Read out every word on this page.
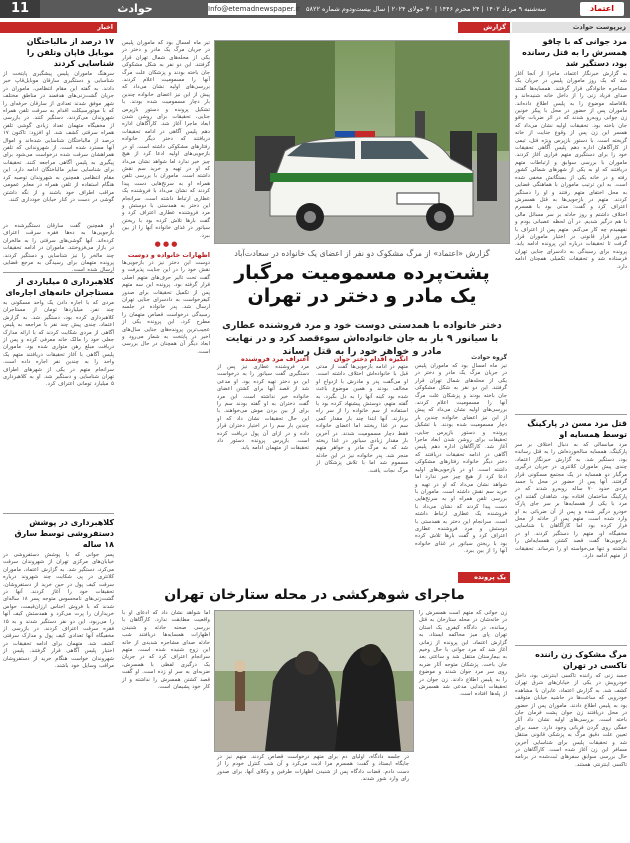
اعتماد
سه‌شنبه ۹ مرداد ۱۴۰۲ | ۲۴ محرم ۱۴۴۶ | ۳۰ جولای ۲۰۲۴ | سال بیست‌ودوم شماره ۵۸۲۲
Info@etemadnewspaper.ir
حوادث
11
زیرپوست حوادث
مرد جوانی که با چاقو همسرش را به قتل رسانده بود، دستگیر شد
به گزارش خبرنگار اعتماد، ماجرا از آنجا آغاز شد که یک روز ماموران پلیس در جریان یک مشاجره خانوادگی قرار گرفتند. همسایه‌ها گفتند صدای فریاد زنی را از داخل خانه شنیده‌اند و بلافاصله موضوع را به پلیس اطلاع داده‌اند. ماموران پس از حضور در محل با پیکر خونین زن جوانی روبه‌رو شدند که در اثر ضربات چاقو جان باخته بود. تحقیقات اولیه نشان می‌داد که همسر این زن پس از وقوع جنایت از خانه گریخته است. با دستور بازپرس ویژه قتل، تیمی از کارآگاهان اداره دهم پلیس آگاهی تحقیقات خود را برای دستگیری متهم فراری آغاز کردند. ماموران با بررسی سوابق و ارتباطات متهم دریافتند که او به یکی از شهرهای شمالی کشور رفته و در خانه یکی از بستگانش مخفی شده است. به این ترتیب ماموران با هماهنگی قضایی به محل اختفای متهم رفتند و او را دستگیر کردند. متهم در بازجویی‌ها به قتل همسرش اعتراف کرد و گفت: مدتی بود با همسرم اختلاف داشتم و روز حادثه بر سر مسائل مالی با هم درگیر شدیم. در آن لحظه عصبانی بودم و نفهمیدم چه کار می‌کنم. متهم پس از اعتراف با صدور قرار قانونی در اختیار ماموران قرار گرفت تا تحقیقات درباره این پرونده ادامه یابد. پرونده برای رسیدگی به دادسرای جنایی تهران فرستاده شد و تحقیقات تکمیلی همچنان ادامه دارد.
قتل مرد مسن در پارکینگ توسط همسایه او
مرد میانسالی که به دنبال اختلاف بر سر پارکینگ، همسایه سالخورده‌اش را به قتل رسانده بود، دستگیر شد. به گزارش خبرنگار اعتماد، چندی پیش ماموران کلانتری در جریان درگیری مرگبار دو همسایه در یک مجتمع مسکونی قرار گرفتند. آنها پس از حضور در محل با جسد مردی حدود ۷۰ ساله روبه‌رو شدند که در پارکینگ ساختمان افتاده بود. شاهدان گفتند این مرد با یکی از همسایه‌ها بر سر جای پارک خودرو درگیر شده و پس از آن ضرباتی به او وارد شده است. متهم پس از حادثه از محل فرار کرده بود اما کارآگاهان با شناسایی مخفیگاه او، متهم را دستگیر کردند. او در بازجویی‌ها گفت قصد کشتن همسایه‌اش را نداشته و تنها می‌خواسته او را بترساند. تحقیقات از متهم ادامه دارد.
مرگ مشکوک زن راننده تاکسی در تهران
جسد زنی که راننده تاکسی اینترنتی بود، داخل خودرویش در یکی از خیابان‌های شرق تهران کشف شد. به گزارش اعتماد، عابران با مشاهده خودرویی که ساعت‌ها در حاشیه خیابان متوقف بود به پلیس اطلاع دادند. ماموران پس از حضور در محل دریافتند زن جوان پشت فرمان جان باخته است. بررسی‌های اولیه نشان داد آثار خفگی روی گردن قربانی وجود دارد. جسد برای تعیین علت دقیق مرگ به پزشکی قانونی منتقل شد و تحقیقات پلیس برای شناسایی آخرین مسافر این زن آغاز شده است. کارآگاهان در حال بررسی سوابق سفرهای ثبت‌شده در برنامه تاکسی اینترنتی هستند.
گزارش
گزارش «اعتماد» از مرگ مشکوک دو نفر از اعضای یک خانواده در سعادت‌آباد
پشت‌پرده مسمومیت مرگبار
یک مادر و دختر در تهران
دختر خانواده با همدستی دوست خود و مرد فروشنده عطاری با سیانور ۹ بار به جان خانواده‌اش سوءقصد کرد و در نهایت مادر و خواهر خود را به قتل رساند
گروه حوادث
تیر ماه امسال بود که ماموران پلیس در جریان مرگ یک مادر و دختر در یکی از محله‌های شمال تهران قرار گرفتند. این دو نفر به شکل مشکوکی جان باخته بودند و پزشکان علت مرگ آنها را مسمومیت اعلام کردند. بررسی‌های اولیه نشان می‌داد که پیش از این نیز اعضای خانواده چندین بار دچار مسمومیت شده بودند. با تشکیل پرونده و دستور بازپرس جنایی، تحقیقات برای روشن شدن ابعاد ماجرا آغاز شد. کارآگاهان اداره دهم پلیس آگاهی در ادامه تحقیقات دریافتند که دختر دیگر خانواده رفتارهای مشکوکی داشته است. او در بازجویی‌های اولیه ادعا کرد از هیچ چیز خبر ندارد اما شواهد نشان می‌داد که او در تهیه و خرید سم نقش داشته است. ماموران با بررسی تلفن همراه او به سرنخ‌هایی دست پیدا کردند که نشان می‌داد با فروشنده یک عطاری ارتباط داشته است. سرانجام این دختر به همدستی با دوستش و مرد فروشنده عطاری اعتراف کرد و گفت بارها تلاش کرده بود با ریختن سیانور در غذای خانواده آنها را از بین ببرد.
انگیزه اقدام دختر جوان
متهم در ادامه بازجویی‌ها گفت از مدتی قبل با خانواده‌اش اختلاف داشته است. او می‌گفت پدر و مادرش با ازدواج او مخالف بودند و همین موضوع باعث شده بود کینه آنها را به دل بگیرد. به گفته متهم، دوستش پیشنهاد کرده بود با استفاده از سم خانواده را از سر راه بردارند. آنها ابتدا چند بار مقدار کمی سم در غذا ریختند اما اعضای خانواده فقط دچار مسمومیت شدند. در آخرین بار مقدار زیادی سیانور در غذا ریخته شد که به مرگ مادر و خواهر متهم منجر شد. پدر خانواده نیز در این حادثه مسموم شد اما با تلاش پزشکان از مرگ نجات یافت.
اعتراف مرد فروشنده
مرد فروشنده عطاری نیز پس از دستگیری گفت سیانور را به درخواست این دو دختر تهیه کرده بود. او مدعی شد از قصد آنها برای کشتن اعضای خانواده خبر نداشته است. این مرد گفت دختران به او گفته بودند سم را برای از بین بردن موش می‌خواهند. با این حال تحقیقات نشان داد که او چندین بار سم را در اختیار دختران قرار داده و در ازای آن پول دریافت کرده است. بازپرس پرونده دستور داد تحقیقات از متهمان ادامه یابد.
تیر ماه امسال بود که ماموران پلیس در جریان مرگ یک مادر و دختر در یکی از محله‌های شمال تهران قرار گرفتند. این دو نفر به شکل مشکوکی جان باخته بودند و پزشکان علت مرگ آنها را مسمومیت اعلام کردند. بررسی‌های اولیه نشان می‌داد که پیش از این نیز اعضای خانواده چندین بار دچار مسمومیت شده بودند. با تشکیل پرونده و دستور بازپرس جنایی، تحقیقات برای روشن شدن ابعاد ماجرا آغاز شد. کارآگاهان اداره دهم پلیس آگاهی در ادامه تحقیقات دریافتند که دختر دیگر خانواده رفتارهای مشکوکی داشته است. او در بازجویی‌های اولیه ادعا کرد از هیچ چیز خبر ندارد اما شواهد نشان می‌داد که او در تهیه و خرید سم نقش داشته است. ماموران با بررسی تلفن همراه او به سرنخ‌هایی دست پیدا کردند که نشان می‌داد با فروشنده یک عطاری ارتباط داشته است. سرانجام این دختر به همدستی با دوستش و مرد فروشنده عطاری اعتراف کرد و گفت بارها تلاش کرده بود با ریختن سیانور در غذای خانواده آنها را از بین ببرد.
● ● ●
اظهارات خانواده و دوست
دوست این دختر نیز در بازجویی‌ها نقش خود را در این جنایت پذیرفت و گفت تحت تاثیر حرف‌های متهم اصلی قرار گرفته بود. پرونده این سه متهم پس از تکمیل تحقیقات برای صدور کیفرخواست به دادسرای جنایی تهران ارسال شد. پدر خانواده در جلسه رسیدگی درخواست قصاص متهمان را مطرح کرد. این پرونده یکی از عجیب‌ترین پرونده‌های جنایی سال‌های اخیر در پایتخت به شمار می‌رود و ابعاد دیگر آن همچنان در حال بررسی است.
یک پرونده
ماجرای شوهرکشی در محله ستارخان تهران
زن جوانی که متهم است همسرش را در خانه‌شان در محله ستارخان به قتل رسانده، در دادگاه کیفری یک استان تهران پای میز محاکمه ایستاد. به گزارش اعتماد، این پرونده از زمانی آغاز شد که مرد جوانی با حال وخیم به بیمارستان منتقل شد و ساعتی بعد جان باخت. پزشکان متوجه آثار ضربه روی سر مرد جوان شدند و موضوع را به پلیس اطلاع دادند. زن جوان در تحقیقات ابتدایی مدعی شد همسرش از پله‌ها افتاده است.
اما شواهد نشان داد که ادعای او با واقعیت مطابقت ندارد. کارآگاهان با بررسی صحنه حادثه و شنیدن اظهارات همسایه‌ها دریافتند شب حادثه صدای مشاجره شدیدی از خانه این زوج شنیده شده است. متهم سرانجام اعتراف کرد که در جریان یک درگیری لفظی با همسرش، ضربه‌ای به سر او زده است. او گفت قصد کشتن همسرش را نداشته و از کار خود پشیمان است.
در جلسه دادگاه، اولیای دم برای متهم درخواست قصاص کردند. متهم نیز در جایگاه ایستاد و گفت: همسرم مرا اذیت می‌کرد و آن شب کنترل خودم را از دست دادم. قضات دادگاه پس از شنیدن اظهارات طرفین و وکلای آنها، برای صدور رای وارد شور شدند.
اخبار
۱۷ درصد از مالباختگان موبایل قاپان وتلفن را شناسایی کردند
سرهنگ ماموران پلیس پیشگیری پایتخت از شناسایی و دستگیری سارقان موبایل‌قاپ خبر دادند. به گفته این مقام انتظامی، ماموران در جریان گشت‌زنی‌های هدفمند در مناطق مختلف شهر موفق شدند تعدادی از سارقان حرفه‌ای را که با موتورسیکلت اقدام به سرقت تلفن همراه شهروندان می‌کردند، دستگیر کنند. در بازرسی از مخفیگاه متهمان تعداد زیادی گوشی تلفن همراه سرقتی کشف شد. او افزود: تاکنون ۱۷ درصد از مالباختگان شناسایی شده‌اند و اموال آنها مسترد شده است. از شهروندانی که تلفن همراهشان سرقت شده درخواست می‌شود برای پیگیری به پلیس آگاهی مراجعه کنند. تحقیقات برای شناسایی سایر مالباختگان ادامه دارد. این مقام انتظامی همچنین به شهروندان توصیه کرد هنگام استفاده از تلفن همراه در معابر عمومی مراقب اطراف خود باشند و از نگه داشتن گوشی در دست در کنار خیابان خودداری کنند.
او همچنین گفت سارقان دستگیرشده در بازجویی‌ها به ده‌ها فقره سرقت اعتراف کرده‌اند. آنها گوشی‌های سرقتی را به مالخران در بازار می‌فروختند. ماموران در ادامه تحقیقات چند مالخر را نیز شناسایی و دستگیر کردند. پرونده متهمان برای رسیدگی به مرجع قضایی ارسال شده است.
کلاهبرداری ۵ میلیاردی از مستاجران خانه‌های اجاره‌ای
مردی که با اجاره دادن یک واحد مسکونی به چند نفر، میلیاردها تومان از مستاجران کلاهبرداری کرده بود، دستگیر شد. به گزارش اعتماد، چندی پیش چند نفر با مراجعه به پلیس آگاهی از مردی شکایت کردند که با ارائه مدارک جعلی خود را مالک خانه معرفی کرده و پس از دریافت مبلغ رهن متواری شده بود. ماموران پلیس آگاهی با آغاز تحقیقات دریافتند متهم یک واحد را به چندین نفر اجاره داده است. سرانجام متهم در یکی از شهرهای اطراف تهران شناسایی و دستگیر شد. او به کلاهبرداری ۵ میلیارد تومانی اعتراف کرد.
کلاهبرداری در پوشش دستفروشی توسط سارق ۱۸ ساله
پسر جوانی که با پوشش دستفروشی در خیابان‌های مرکزی تهران از شهروندان سرقت می‌کرد، دستگیر شد. به گزارش اعتماد، ماموران کلانتری در پی شکایت چند شهروند درباره سرقت کیف پول در حین خرید از دستفروشان، تحقیقات خود را آغاز کردند. آنها در گشت‌زنی‌های نامحسوس متوجه پسر ۱۸ ساله‌ای شدند که با فروش اجناس ارزان‌قیمت، حواس خریداران را پرت می‌کرد و همدستش کیف آنها را می‌ربود. این دو نفر دستگیر شدند و به ۱۵ فقره سرقت اعتراف کردند. در بازرسی از مخفیگاه آنها تعدادی کیف پول و مدارک سرقتی کشف شد. متهمان برای ادامه تحقیقات در اختیار پلیس آگاهی قرار گرفتند. پلیس از شهروندان خواست هنگام خرید از دستفروشان مراقب وسایل خود باشند.
